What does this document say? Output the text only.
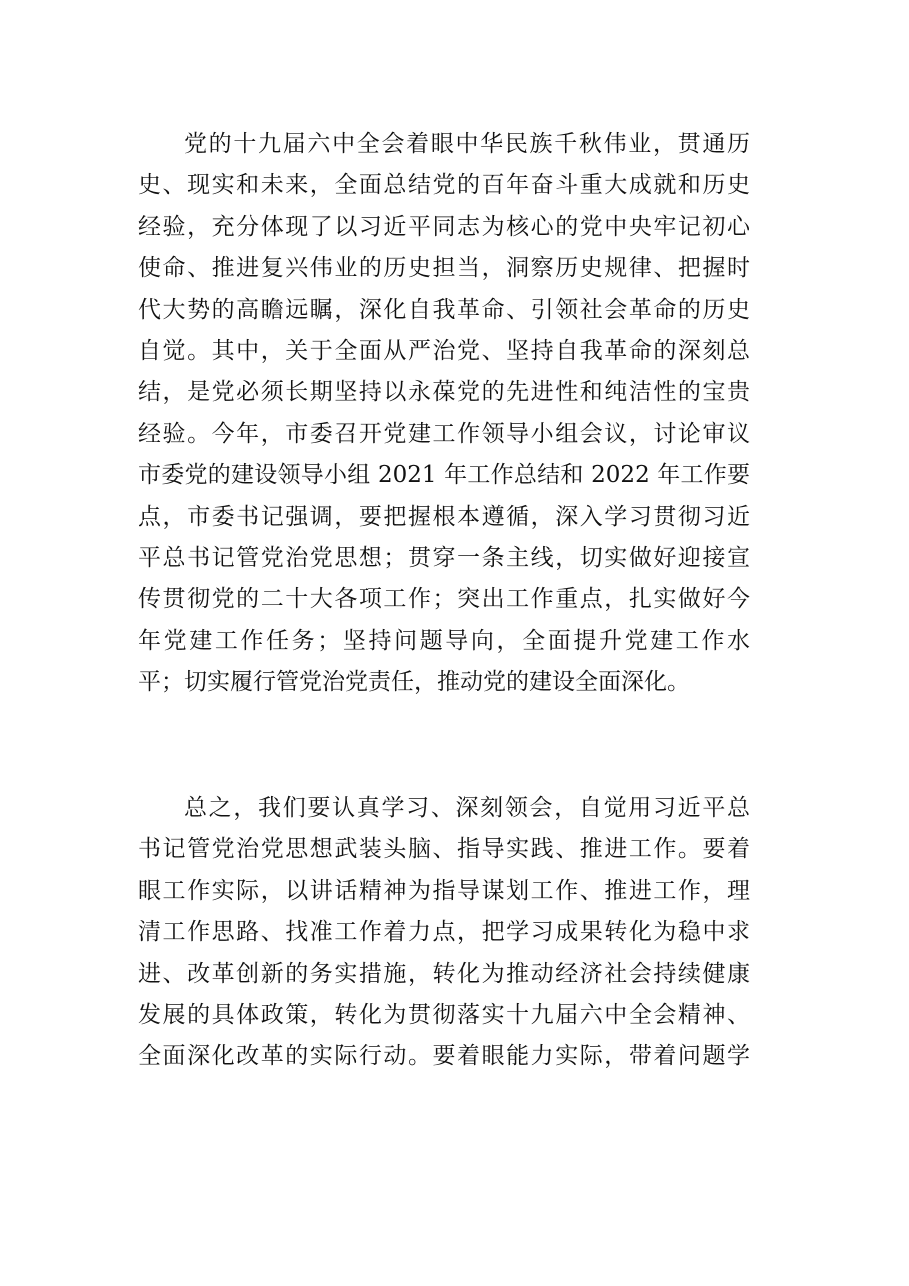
党的十九届六中全会着眼中华民族千秋伟业，贯通历
史、现实和未来，全面总结党的百年奋斗重大成就和历史
经验，充分体现了以习近平同志为核心的党中央牢记初心
使命、推进复兴伟业的历史担当，洞察历史规律、把握时
代大势的高瞻远瞩，深化自我革命、引领社会革命的历史
自觉。其中，关于全面从严治党、坚持自我革命的深刻总
结，是党必须长期坚持以永葆党的先进性和纯洁性的宝贵
经验。今年，市委召开党建工作领导小组会议，讨论审议
市委党的建设领导小组 2021 年工作总结和 2022 年工作要
点，市委书记强调，要把握根本遵循，深入学习贯彻习近
平总书记管党治党思想；贯穿一条主线，切实做好迎接宣
传贯彻党的二十大各项工作；突出工作重点，扎实做好今
年党建工作任务；坚持问题导向，全面提升党建工作水
平；切实履行管党治党责任，推动党的建设全面深化。
总之，我们要认真学习、深刻领会，自觉用习近平总
书记管党治党思想武装头脑、指导实践、推进工作。要着
眼工作实际，以讲话精神为指导谋划工作、推进工作，理
清工作思路、找准工作着力点，把学习成果转化为稳中求
进、改革创新的务实措施，转化为推动经济社会持续健康
发展的具体政策，转化为贯彻落实十九届六中全会精神、
全面深化改革的实际行动。要着眼能力实际，带着问题学
